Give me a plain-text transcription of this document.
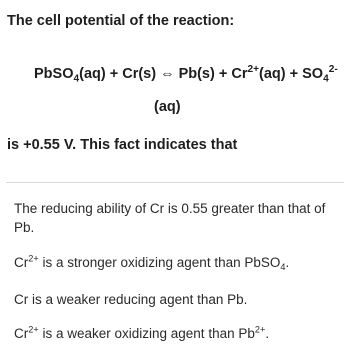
The cell potential of the reaction:
PbSO$_4$(aq) + Cr(s) ⇔ $Pb(s) + Cr^{2+}(aq) + SO_4^{2-}$
(aq)
is +0.55 V. This fact indicates that
The reducing ability of Cr is 0.55 greater than that of Pb.
$Cr^{2+}$ is a stronger oxidizing agent than PbSO$_4$.
Cr is a weaker reducing agent than Pb.
$Cr^{2+}$ is a weaker oxidizing agent than $Pb^{2+}$.
